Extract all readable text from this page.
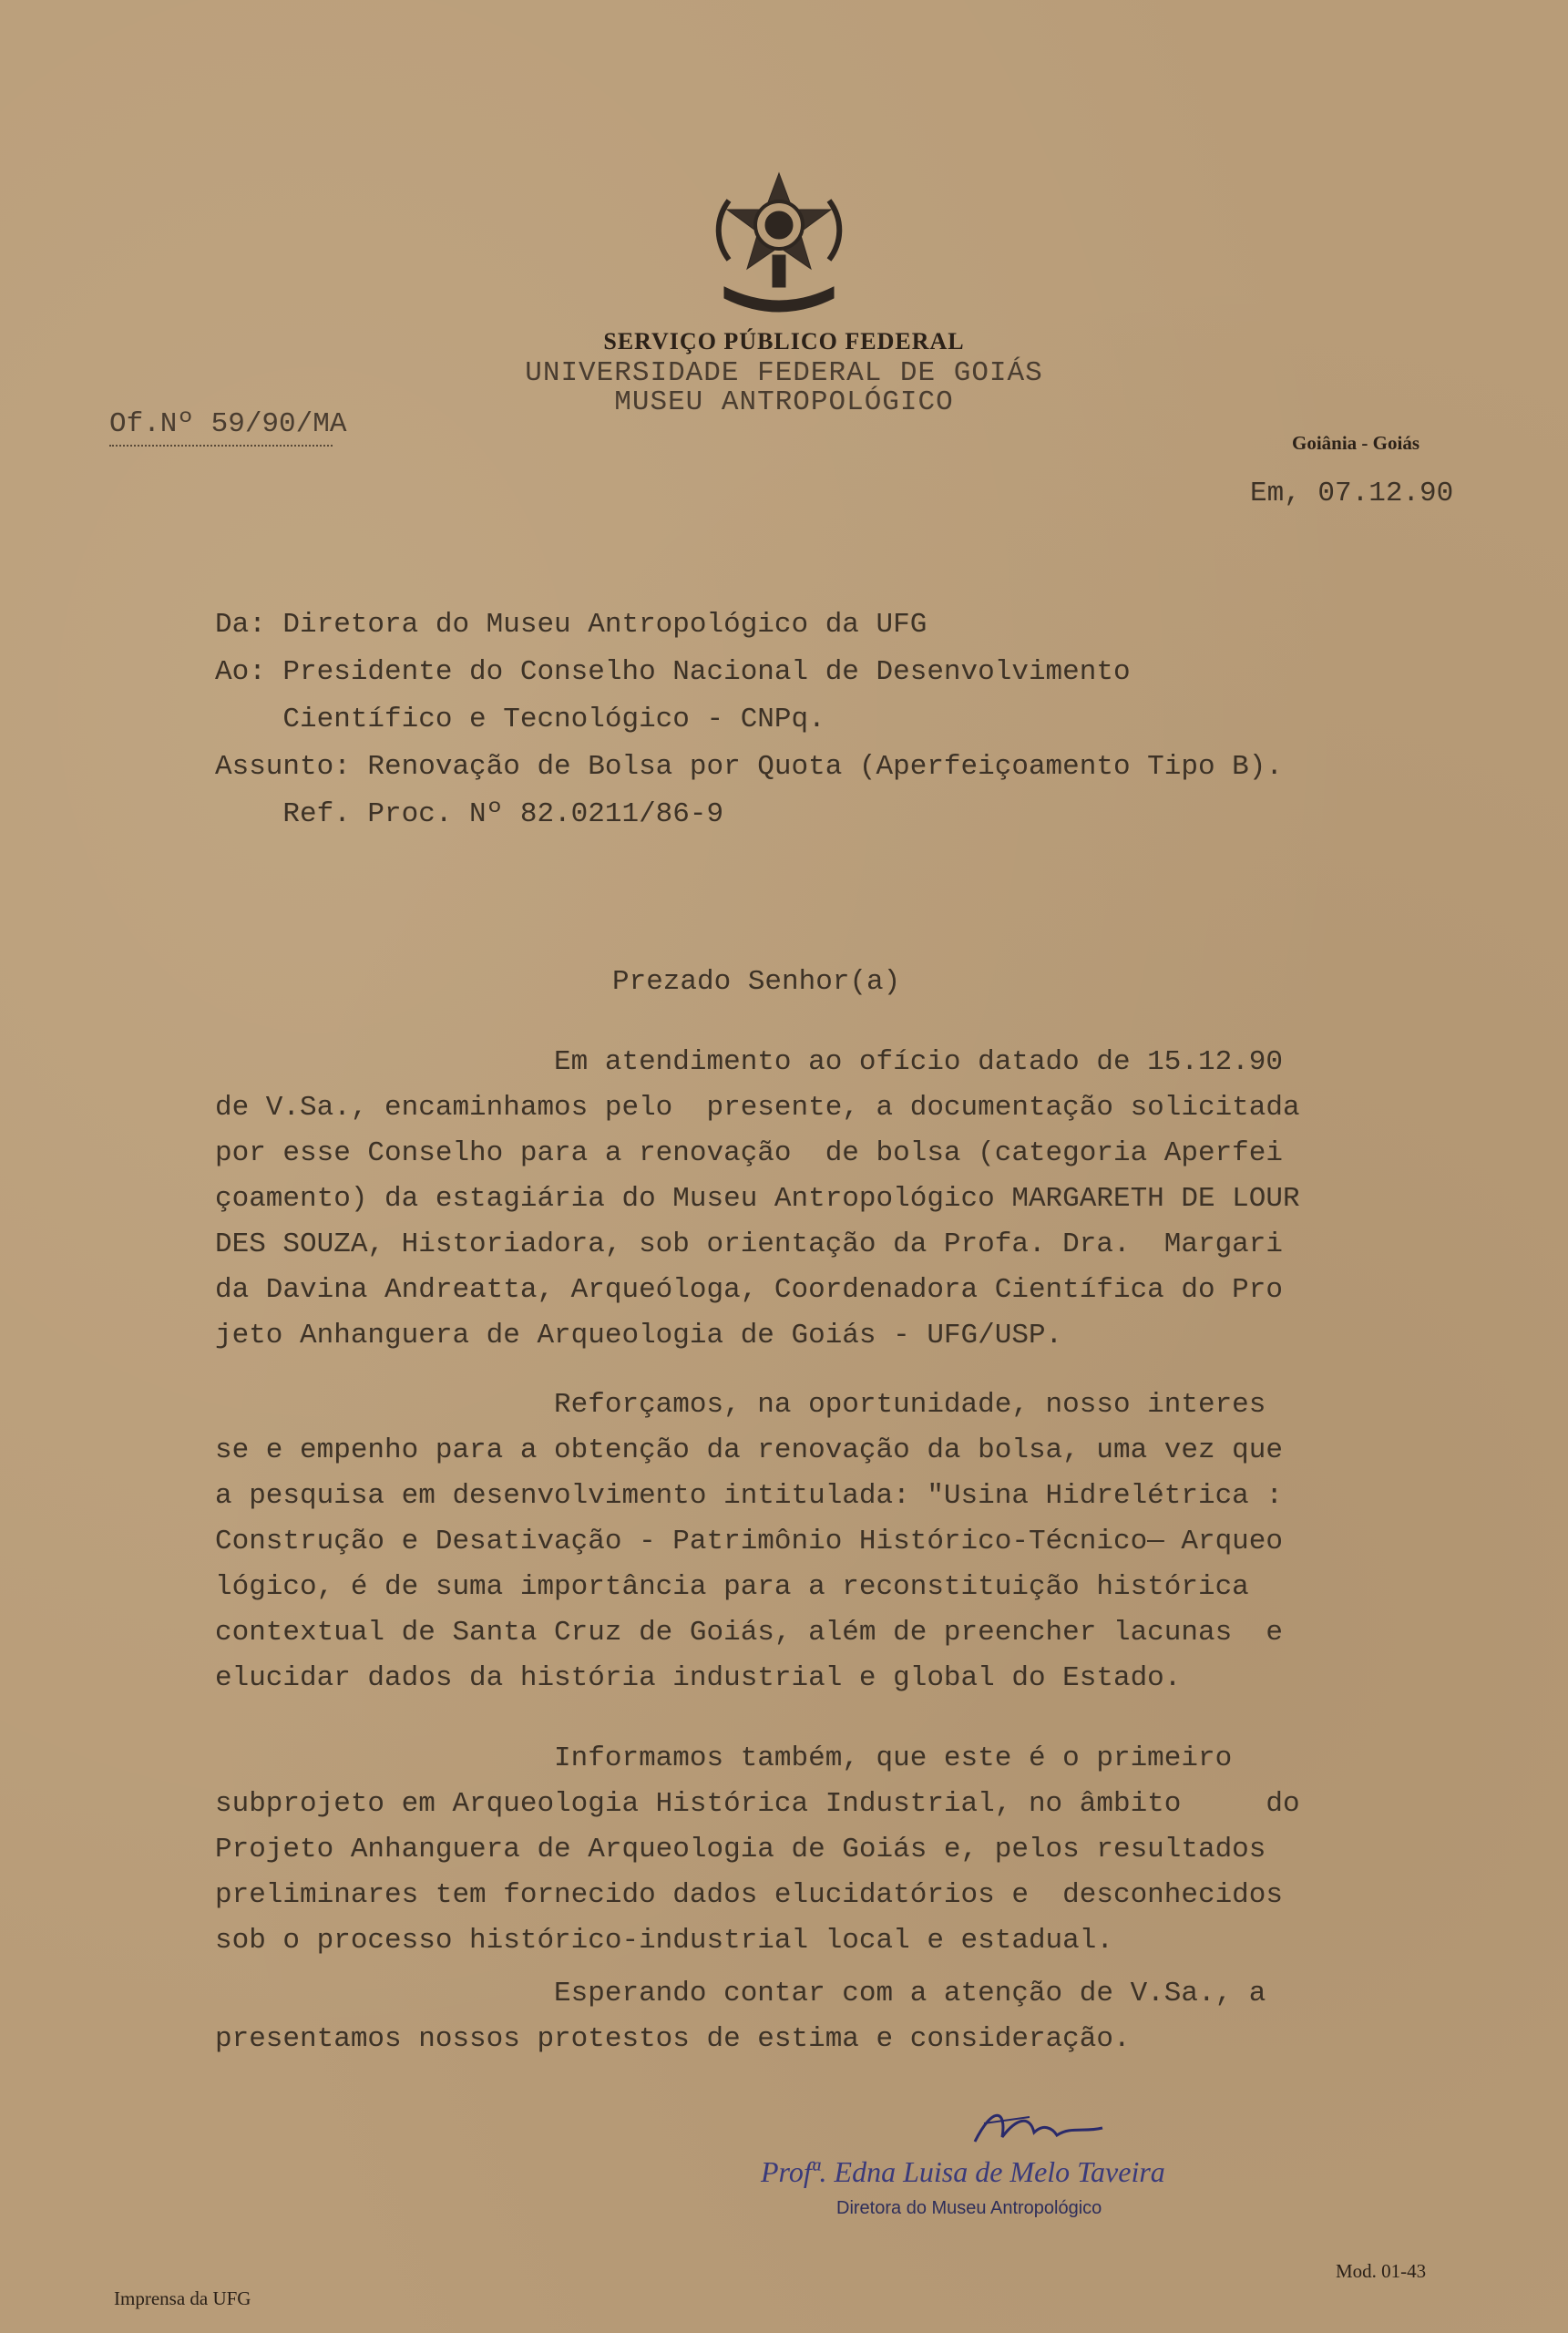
SERVIÇO PÚBLICO FEDERAL
UNIVERSIDADE FEDERAL DE GOIÁS
MUSEU ANTROPOLÓGICO
Of.Nº 59/90/MA
Goiânia - Goiás
Em, 07.12.90
Da: Diretora do Museu Antropológico da UFG
Ao: Presidente do Conselho Nacional de Desenvolvimento
Científico e Tecnológico - CNPq.
Assunto: Renovação de Bolsa por Quota (Aperfeiçoamento Tipo B).
Ref. Proc. Nº 82.0211/86-9
Prezado Senhor(a)
Em atendimento ao ofício datado de 15.12.90
de V.Sa., encaminhamos pelo  presente, a documentação solicitada
por esse Conselho para a renovação  de bolsa (categoria Aperfei
çoamento) da estagiária do Museu Antropológico MARGARETH DE LOUR
DES SOUZA, Historiadora, sob orientação da Profa. Dra.  Margari
da Davina Andreatta, Arqueóloga, Coordenadora Científica do Pro
jeto Anhanguera de Arqueologia de Goiás - UFG/USP.
Reforçamos, na oportunidade, nosso interes
se e empenho para a obtenção da renovação da bolsa, uma vez que
a pesquisa em desenvolvimento intitulada: "Usina Hidrelétrica :
Construção e Desativação - Patrimônio Histórico-Técnico— Arqueo
lógico, é de suma importância para a reconstituição histórica
contextual de Santa Cruz de Goiás, além de preencher lacunas  e
elucidar dados da história industrial e global do Estado.
Informamos também, que este é o primeiro
subprojeto em Arqueologia Histórica Industrial, no âmbito     do
Projeto Anhanguera de Arqueologia de Goiás e, pelos resultados
preliminares tem fornecido dados elucidatórios e  desconhecidos
sob o processo histórico-industrial local e estadual.
Esperando contar com a atenção de V.Sa., a
presentamos nossos protestos de estima e consideração.
Profª. Edna Luisa de Melo Taveira
Diretora do Museu Antropológico
Imprensa da UFG
Mod. 01-43
